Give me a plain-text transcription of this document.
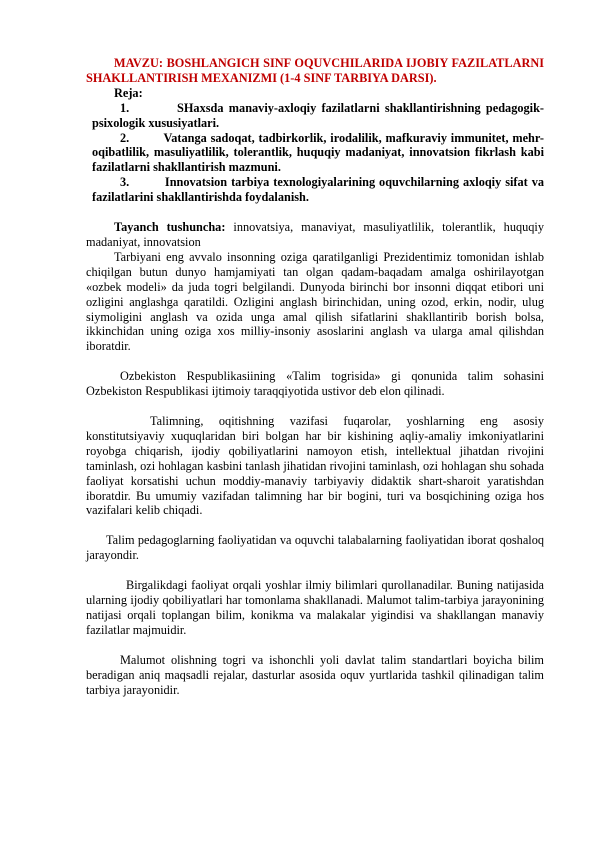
MAVZU: BOSHLANGICH SINF OQUVCHILARIDA IJOBIY FAZILATLARNI SHAKLLANTIRISH MEXANIZMI (1-4 SINF TARBIYA DARSI).

Reja:

1.	SHaxsda manaviy-axloqiy fazilatlarni shakllantirishning pedagogik-psixologik xususiyatlari.

2.	Vatanga sadoqat, tadbirkorlik, irodalilik, mafkuraviy immunitet, mehr-oqibatlilik, masuliyatlilik, tolerantlik, huquqiy madaniyat, innovatsion fikrlash kabi fazilatlarni shakllantirish mazmuni.

3.	Innovatsion tarbiya texnologiyalarining oquvchilarning axloqiy sifat va fazilatlarini shakllantirishda foydalanish.

Tayanch tushuncha: innovatsiya, manaviyat, masuliyatlilik, tolerantlik, huquqiy madaniyat, innovatsion

Tarbiyani eng avvalo insonning oziga qaratilganligi Prezidentimiz tomonidan ishlab chiqilgan butun dunyo hamjamiyati tan olgan qadam-baqadam amalga oshirilayotgan «ozbek modeli» da juda togri belgilandi. Dunyoda birinchi bor insonni diqqat etibori uni ozligini anglashga qaratildi. Ozligini anglash birinchidan, uning ozod, erkin, nodir, ulug siymoligini anglash va ozida unga amal qilish sifatlarini shakllantirib borish bolsa, ikkinchidan uning oziga xos milliy-insoniy asoslarini anglash va ularga amal qilishdan iboratdir.

Ozbekiston Respublikasiining «Talim togrisida» gi qonunida talim sohasini Ozbekiston Respublikasi ijtimoiy taraqqiyotida ustivor deb elon qilinadi.

Talimning, oqitishning vazifasi fuqarolar, yoshlarning eng asosiy konstitutsiyaviy xuquqlaridan biri bolgan har bir kishining aqliy-amaliy imkoniyatlarini royobga chiqarish, ijodiy qobiliyatlarini namoyon etish, intellektual jihatdan rivojini taminlash, ozi hohlagan kasbini tanlash jihatidan rivojini taminlash, ozi hohlagan shu sohada faoliyat korsatishi uchun moddiy-manaviy tarbiyaviy didaktik shart-sharoit yaratishdan iboratdir. Bu umumiy vazifadan talimning har bir bogini, turi va bosqichining oziga hos vazifalari kelib chiqadi.

Talim pedagoglarning faoliyatidan va oquvchi talabalarning faoliyatidan iborat qoshaloq jarayondir.

Birgalikdagi faoliyat orqali yoshlar ilmiy bilimlari qurollanadilar. Buning natijasida ularning ijodiy qobiliyatlari har tomonlama shakllanadi. Malumot talim-tarbiya jarayonining natijasi orqali toplangan bilim, konikma va malakalar yigindisi va shakllangan manaviy fazilatlar majmuidir.

Malumot olishning togri va ishonchli yoli davlat talim standartlari boyicha bilim beradigan aniq maqsadli rejalar, dasturlar asosida oquv yurtlarida tashkil qilinadigan talim tarbiya jarayonidir.
